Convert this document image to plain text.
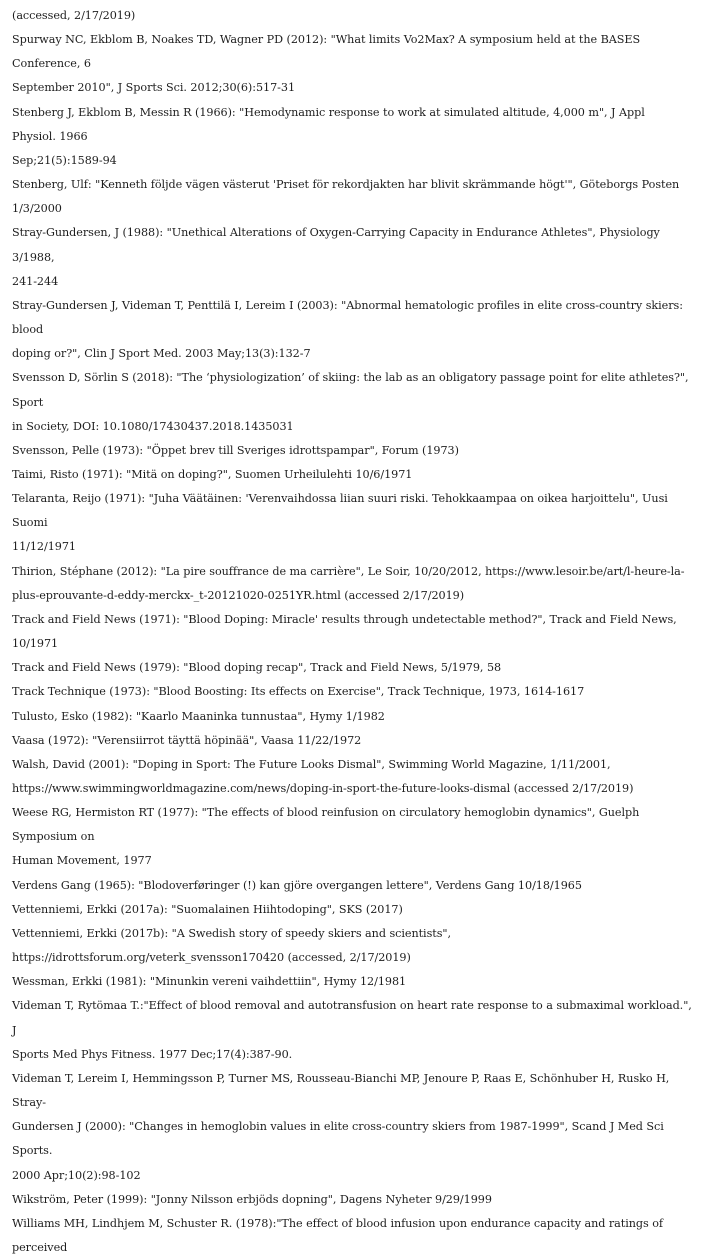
(accessed, 2/17/2019)
Spurway NC, Ekblom B, Noakes TD, Wagner PD (2012): "What limits Vo2Max? A symposium held at the BASES Conference, 6
September 2010", J Sports Sci. 2012;30(6):517-31
Stenberg J, Ekblom B, Messin R (1966): "Hemodynamic response to work at simulated altitude, 4,000 m", J Appl Physiol. 1966
Sep;21(5):1589-94
Stenberg, Ulf: "Kenneth följde vägen västerut 'Priset för rekordjakten har blivit skrämmande högt'", Göteborgs Posten
1/3/2000
Stray-Gundersen, J (1988): "Unethical Alterations of Oxygen-Carrying Capacity in Endurance Athletes", Physiology 3/1988,
241-244
Stray-Gundersen J, Videman T, Penttilä I, Lereim I (2003): "Abnormal hematologic profiles in elite cross-country skiers: blood
doping or?", Clin J Sport Med. 2003 May;13(3):132-7
Svensson D, Sörlin S (2018): "The ‘physiologization’ of skiing: the lab as an obligatory passage point for elite athletes?", Sport
in Society, DOI: 10.1080/17430437.2018.1435031
Svensson, Pelle (1973): "Öppet brev till Sveriges idrottspampar", Forum (1973)
Taimi, Risto (1971): "Mitä on doping?", Suomen Urheilulehti 10/6/1971
Telaranta, Reijo (1971): "Juha Väätäinen: 'Verenvaihdossa liian suuri riski. Tehokkaampaa on oikea harjoittelu", Uusi Suomi
11/12/1971
Thirion, Stéphane (2012): "La pire souffrance de ma carrière", Le Soir, 10/20/2012, https://www.lesoir.be/art/l-heure-la-
plus-eprouvante-d-eddy-merckx-_t-20121020-0251YR.html (accessed 2/17/2019)
Track and Field News (1971): "Blood Doping: Miracle' results through undetectable method?", Track and Field News, 10/1971
Track and Field News (1979): "Blood doping recap", Track and Field News, 5/1979, 58
Track Technique (1973): "Blood Boosting: Its effects on Exercise", Track Technique, 1973, 1614-1617
Tulusto, Esko (1982): "Kaarlo Maaninka tunnustaa", Hymy 1/1982
Vaasa (1972): "Verensiirrot täyttä höpinää", Vaasa 11/22/1972
Walsh, David (2001): "Doping in Sport: The Future Looks Dismal", Swimming World Magazine, 1/11/2001,
https://www.swimmingworldmagazine.com/news/doping-in-sport-the-future-looks-dismal (accessed 2/17/2019)
Weese RG, Hermiston RT (1977): "The effects of blood reinfusion on circulatory hemoglobin dynamics", Guelph Symposium on
Human Movement, 1977
Verdens Gang (1965): "Blodoverføringer (!) kan gjöre overgangen lettere", Verdens Gang 10/18/1965
Vettenniemi, Erkki (2017a): "Suomalainen Hiihtodoping", SKS (2017)
Vettenniemi, Erkki (2017b): "A Swedish story of speedy skiers and scientists",
https://idrottsforum.org/veterk_svensson170420 (accessed, 2/17/2019)
Wessman, Erkki (1981): "Minunkin vereni vaihdettiin", Hymy 12/1981
Videman T, Rytömaa T.:"Effect of blood removal and autotransfusion on heart rate response to a submaximal workload.", J
Sports Med Phys Fitness. 1977 Dec;17(4):387-90.
Videman T, Lereim I, Hemmingsson P, Turner MS, Rousseau-Bianchi MP, Jenoure P, Raas E, Schönhuber H, Rusko H, Stray-
Gundersen J (2000): "Changes in hemoglobin values in elite cross-country skiers from 1987-1999", Scand J Med Sci Sports.
2000 Apr;10(2):98-102
Wikström, Peter (1999): "Jonny Nilsson erbjöds dopning", Dagens Nyheter 9/29/1999
Williams MH, Lindhjem M, Schuster R. (1978):"The effect of blood infusion upon endurance capacity and ratings of perceived
